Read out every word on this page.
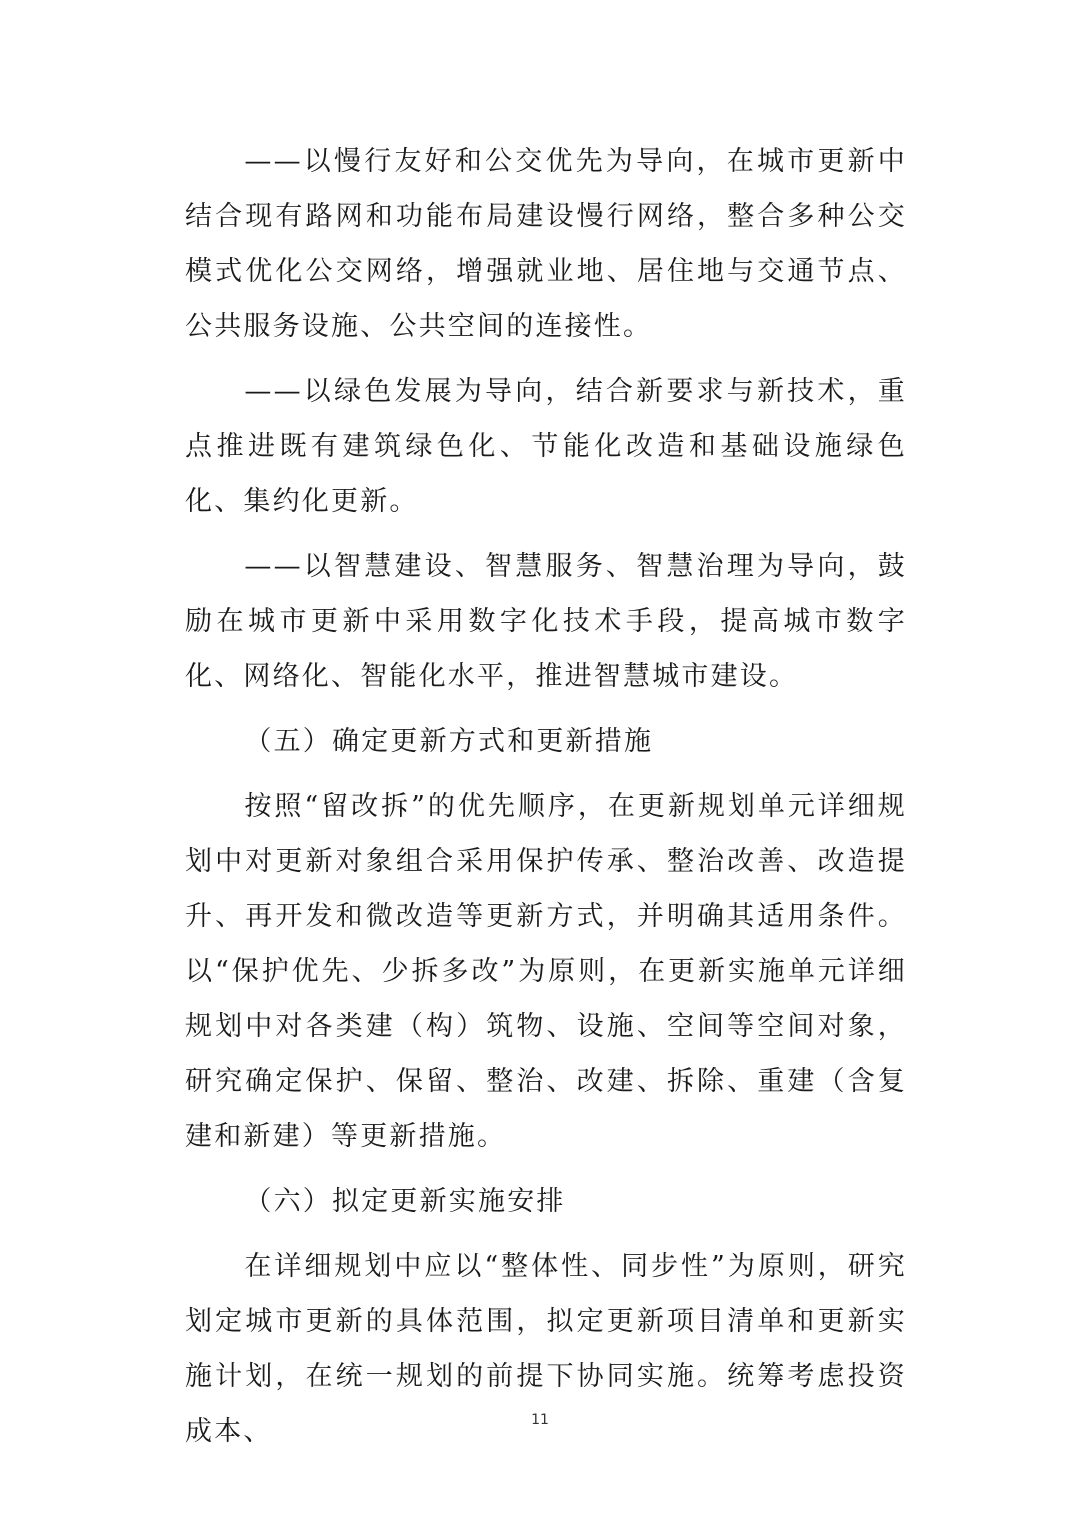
——以慢行友好和公交优先为导向，在城市更新中结合现有路网和功能布局建设慢行网络，整合多种公交模式优化公交网络，增强就业地、居住地与交通节点、公共服务设施、公共空间的连接性。

——以绿色发展为导向，结合新要求与新技术，重点推进既有建筑绿色化、节能化改造和基础设施绿色化、集约化更新。

——以智慧建设、智慧服务、智慧治理为导向，鼓励在城市更新中采用数字化技术手段，提高城市数字化、网络化、智能化水平，推进智慧城市建设。

（五）确定更新方式和更新措施

按照“留改拆”的优先顺序，在更新规划单元详细规划中对更新对象组合采用保护传承、整治改善、改造提升、再开发和微改造等更新方式，并明确其适用条件。以“保护优先、少拆多改”为原则，在更新实施单元详细规划中对各类建（构）筑物、设施、空间等空间对象，研究确定保护、保留、整治、改建、拆除、重建（含复建和新建）等更新措施。

（六）拟定更新实施安排

在详细规划中应以“整体性、同步性”为原则，研究划定城市更新的具体范围，拟定更新项目清单和更新实施计划，在统一规划的前提下协同实施。统筹考虑投资成本、	11
